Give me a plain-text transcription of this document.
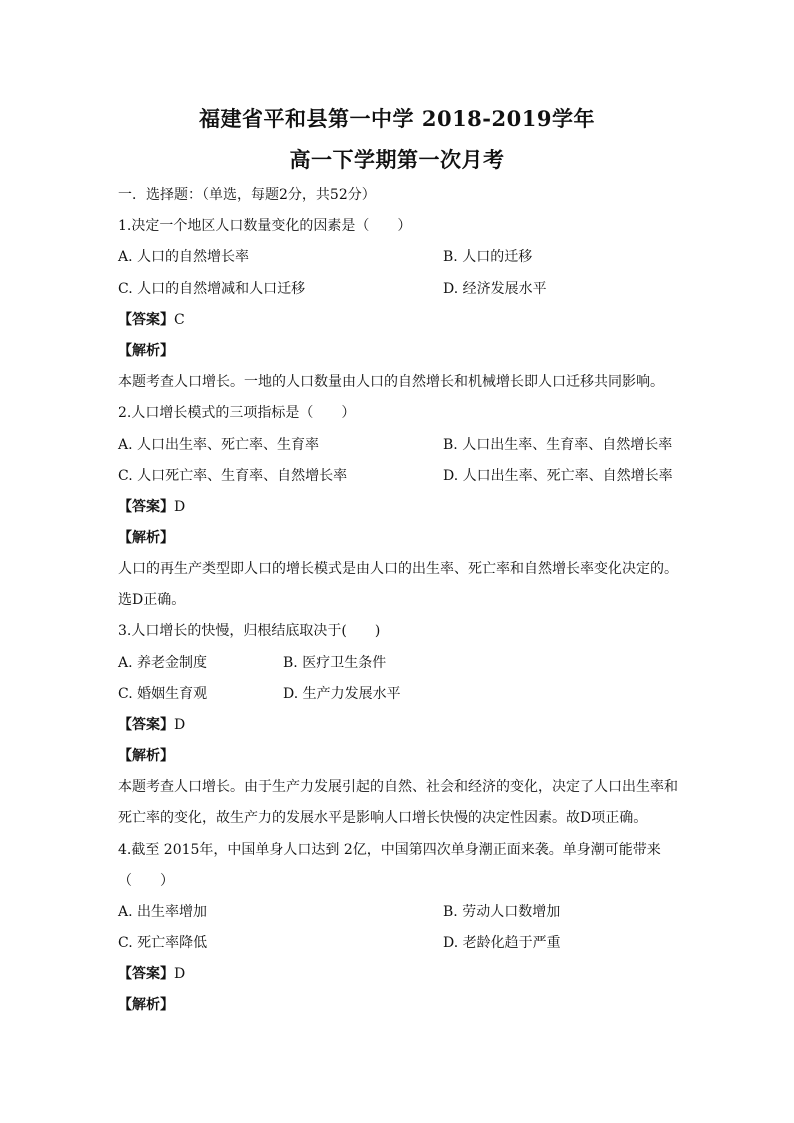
福建省平和县第一中学 2018-2019学年
高一下学期第一次月考
一．选择题：（单选，每题2分，共52分）
1.决定一个地区人口数量变化的因素是（　　）
A. 人口的自然增长率	B. 人口的迁移
C. 人口的自然增减和人口迁移	D. 经济发展水平
【答案】C
【解析】
本题考查人口增长。一地的人口数量由人口的自然增长和机械增长即人口迁移共同影响。
2.人口增长模式的三项指标是（　　）
A. 人口出生率、死亡率、生育率	B. 人口出生率、生育率、自然增长率
C. 人口死亡率、生育率、自然增长率	D. 人口出生率、死亡率、自然增长率
【答案】D
【解析】
人口的再生产类型即人口的增长模式是由人口的出生率、死亡率和自然增长率变化决定的。
选D正确。
3.人口增长的快慢，归根结底取决于(　　)
A. 养老金制度	B. 医疗卫生条件
C. 婚姻生育观	D. 生产力发展水平
【答案】D
【解析】
本题考查人口增长。由于生产力发展引起的自然、社会和经济的变化，决定了人口出生率和
死亡率的变化，故生产力的发展水平是影响人口增长快慢的决定性因素。故D项正确。
4.截至 2015年，中国单身人口达到 2亿，中国第四次单身潮正面来袭。单身潮可能带来
（　　）
A. 出生率增加	B. 劳动人口数增加
C. 死亡率降低	D. 老龄化趋于严重
【答案】D
【解析】
